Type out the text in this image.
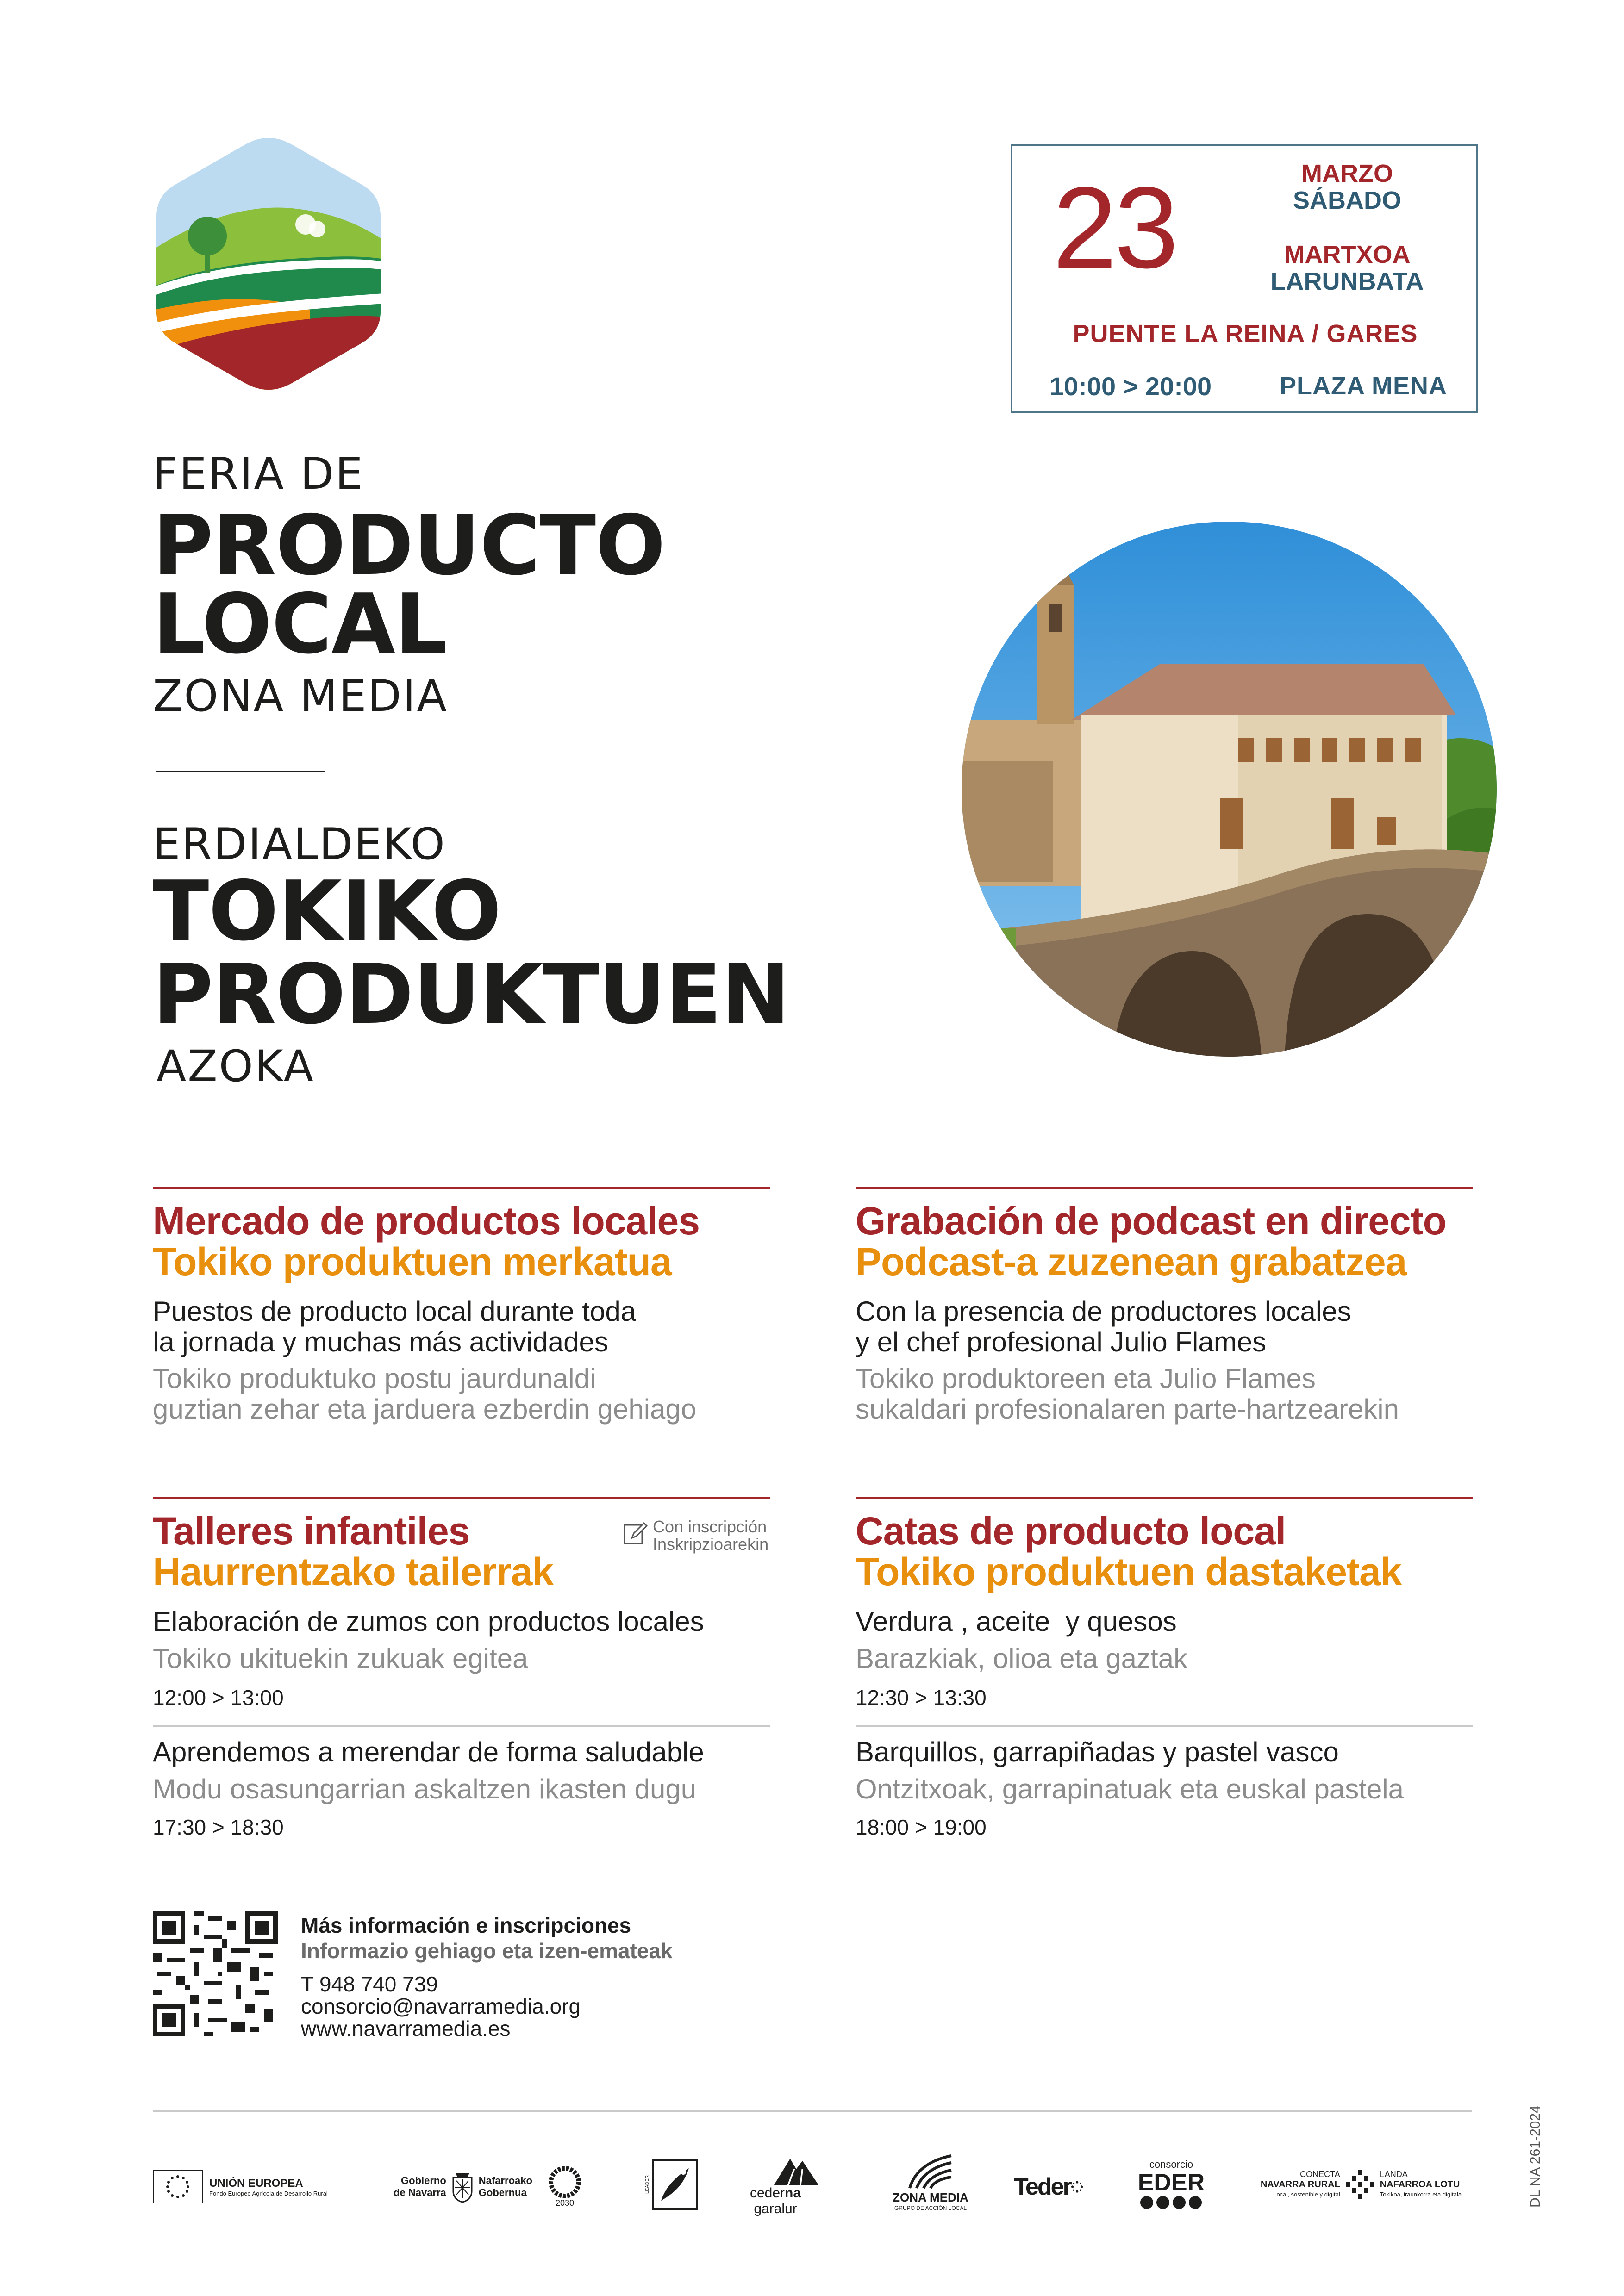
23	MARZO
SÁBADO
MARTXOA
LARUNBATA
PUENTE LA REINA / GARES
10:00 > 20:00	PLAZA MENA
FERIA DE
PRODUCTO
LOCAL
ZONA MEDIA
ERDIALDEKO
TOKIKO
PRODUKTUEN
AZOKA
Mercado de productos locales
Tokiko produktuen merkatua
Puestos de producto local durante toda
la jornada y muchas más actividades
Tokiko produktuko postu jaurdunaldi
guztian zehar eta jarduera ezberdin gehiago
Grabación de podcast en directo
Podcast-a zuzenean grabatzea
Con la presencia de productores locales
y el chef profesional Julio Flames
Tokiko produktoreen eta Julio Flames
sukaldari profesionalaren parte-hartzearekin
Talleres infantiles
Haurrentzako tailerrak
Con inscripción
Inskripzioarekin
Elaboración de zumos con productos locales
Tokiko ukituekin zukuak egitea
12:00 > 13:00
Aprendemos a merendar de forma saludable
Modu osasungarrian askaltzen ikasten dugu
17:30 > 18:30
Catas de producto local
Tokiko produktuen dastaketak
Verdura , aceite  y quesos
Barazkiak, olioa eta gaztak
12:30 > 13:30
Barquillos, garrapiñadas y pastel vasco
Ontzitxoak, garrapinatuak eta euskal pastela
18:00 > 19:00
Más información e inscripciones
Informazio gehiago eta izen-emateak
T 948 740 739
consorcio@navarramedia.org
www.navarramedia.es
DL NA 261-2024
UNIÓN EUROPEA
Fondo Europeo Agrícola de Desarrollo Rural
Gobierno
de Navarra
Nafarroako
Gobernua
2030
LEADER	cederna garalur
ZONA MEDIA
GRUPO DE ACCIÓN LOCAL
Teder
consorcio
EDER	CONECTA
NAVARRA RURAL
Local, sostenible y digital
LANDA
NAFARROA LOTU
Tokikoa, iraunkorra eta digitala
